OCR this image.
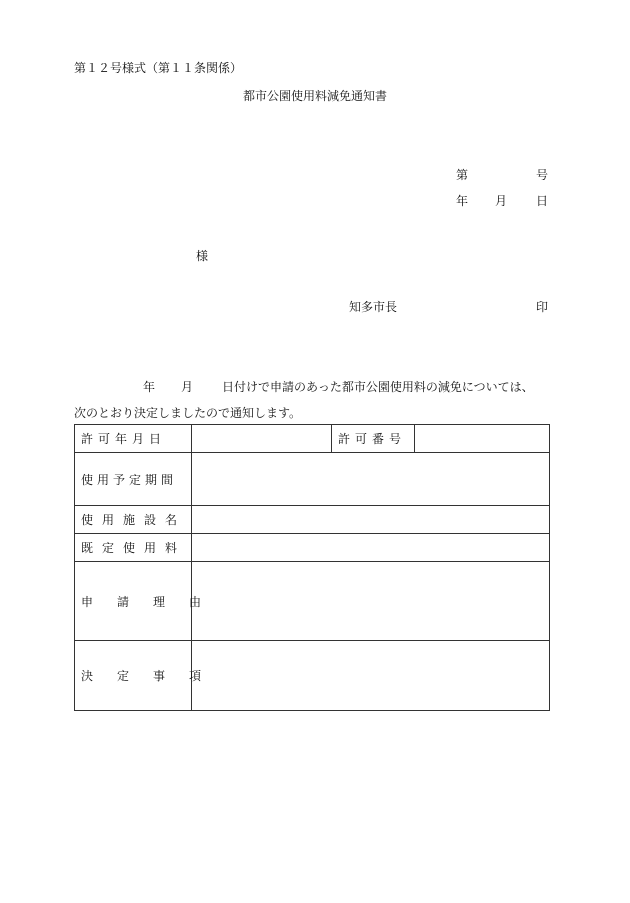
第１２号様式（第１１条関係）
都市公園使用料減免通知書
第	号
年 月 日
様
知多市長	印
年 月 日付けで申請のあった都市公園使用料の減免については、
次のとおり決定しましたので通知します。
許可年月日		許可番号	
使用予定期間			
使用施設名			
既定使用料			
申請理由			
決定事項			
